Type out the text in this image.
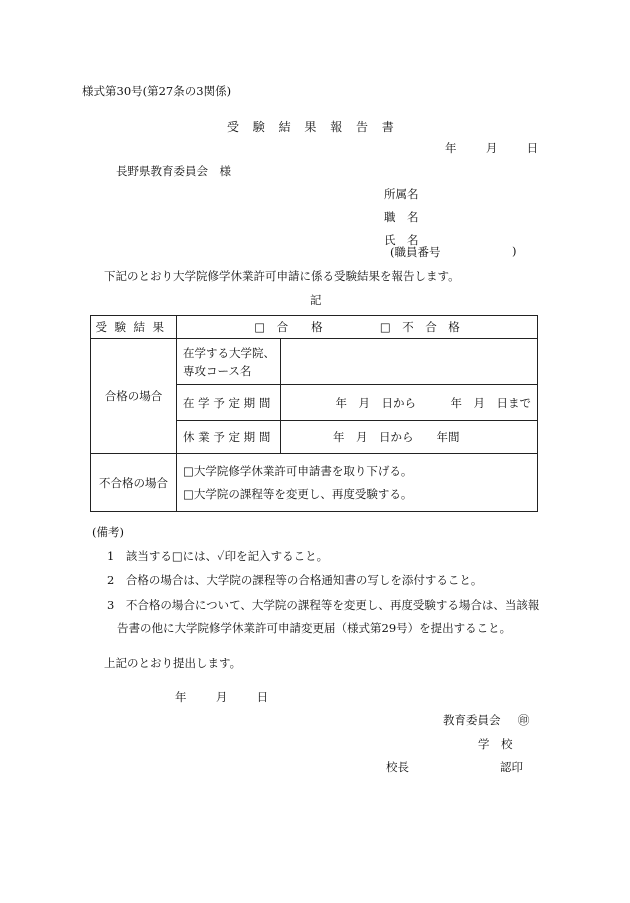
様式第30号(第27条の3関係)
受験結果報告書
年	月	日
長野県教育委員会　様
所属名
職　名
氏　名
(職員番号	)
下記のとおり大学院修学休業許可申請に係る受験結果を報告します。
記
受験結果	□　合　　格 □　不　合　格	
合格の場合	在学する大学院、
専攻コース名	

	在学予定期間	年　月　日から　　　年　月　日まで
	休業予定期間	年　月　日から　　年間
不合格の場合	□大学院修学休業許可申請書を取り下げる。
□大学院の課程等を変更し、再度受験する。	
(備考)
1　該当する□には、✓印を記入すること。
2　合格の場合は、大学院の課程等の合格通知書の写しを添付すること。
3　不合格の場合について、大学院の課程等を変更し、再度受験する場合は、当該報
告書の他に大学院修学休業許可申請変更届（様式第29号）を提出すること。
上記のとおり提出します。
年	月	日
教育委員会 ㊞
学　校
校長	認印
